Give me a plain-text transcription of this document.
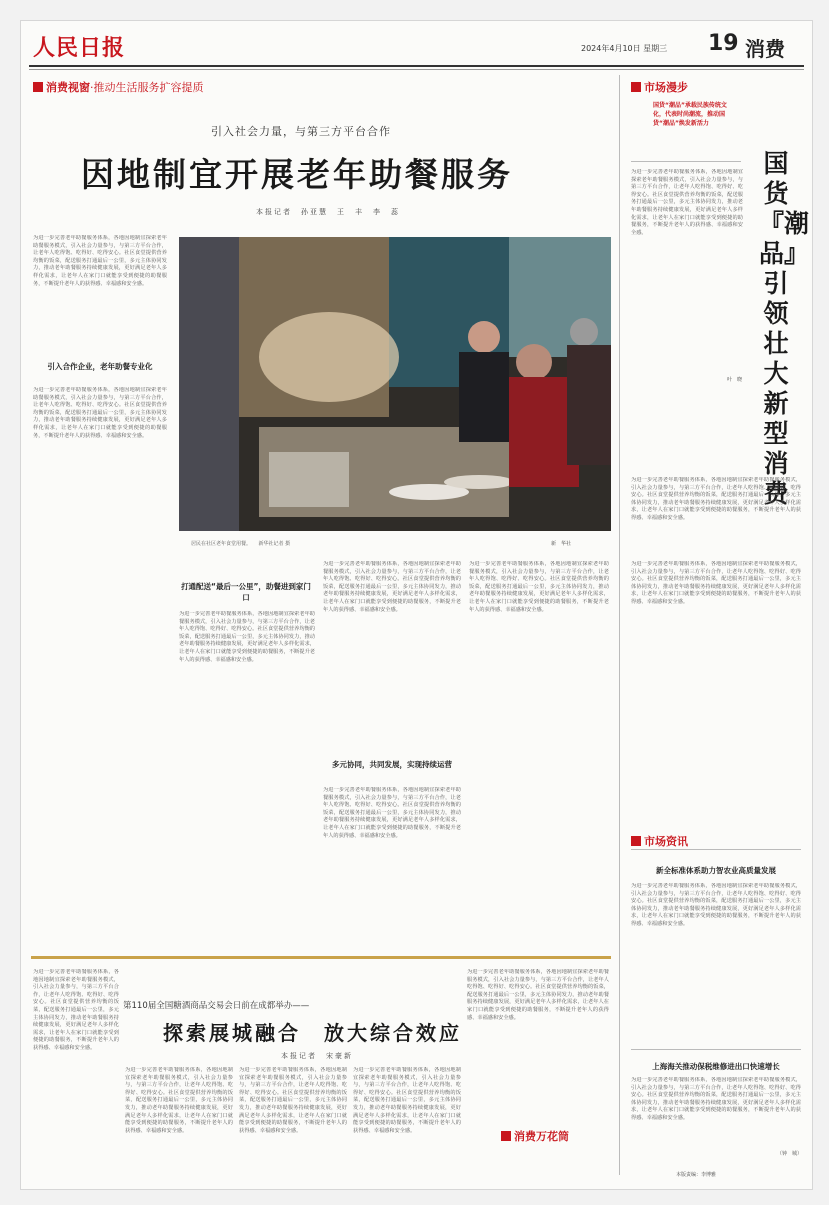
人民日报	2024年4月10日 星期三 19 消费
消费视窗·推动生活服务扩容提质
引入社会力量，与第三方平台合作
因地制宜开展老年助餐服务
本报记者　孙亚慧　王　丰　李　蕊
为进一步完善老年助餐服务体系，各地因地制宜探索老年助餐服务模式，引入社会力量参与，与第三方平台合作，让老年人吃得饱、吃得好、吃得安心。社区食堂提供营养均衡的饭菜，配送服务打通最后一公里，多元主体协同发力，推动老年助餐服务持续健康发展，更好满足老年人多样化需求，让老年人在家门口就能享受到便捷的助餐服务，不断提升老年人的获得感、幸福感和安全感。
引入合作企业，老年助餐专业化
为进一步完善老年助餐服务体系，各地因地制宜探索老年助餐服务模式，引入社会力量参与，与第三方平台合作，让老年人吃得饱、吃得好、吃得安心。社区食堂提供营养均衡的饭菜，配送服务打通最后一公里，多元主体协同发力，推动老年助餐服务持续健康发展，更好满足老年人多样化需求，让老年人在家门口就能享受到便捷的助餐服务，不断提升老年人的获得感、幸福感和安全感。
居民在社区老年食堂用餐。　　新华社记者 摄	新　华社
打通配送“最后一公里”，助餐进到家门口
为进一步完善老年助餐服务体系，各地因地制宜探索老年助餐服务模式，引入社会力量参与，与第三方平台合作，让老年人吃得饱、吃得好、吃得安心。社区食堂提供营养均衡的饭菜，配送服务打通最后一公里，多元主体协同发力，推动老年助餐服务持续健康发展，更好满足老年人多样化需求，让老年人在家门口就能享受到便捷的助餐服务，不断提升老年人的获得感、幸福感和安全感。
为进一步完善老年助餐服务体系，各地因地制宜探索老年助餐服务模式，引入社会力量参与，与第三方平台合作，让老年人吃得饱、吃得好、吃得安心。社区食堂提供营养均衡的饭菜，配送服务打通最后一公里，多元主体协同发力，推动老年助餐服务持续健康发展，更好满足老年人多样化需求，让老年人在家门口就能享受到便捷的助餐服务，不断提升老年人的获得感、幸福感和安全感。
多元协同，共同发展，实现持续运营
为进一步完善老年助餐服务体系，各地因地制宜探索老年助餐服务模式，引入社会力量参与，与第三方平台合作，让老年人吃得饱、吃得好、吃得安心。社区食堂提供营养均衡的饭菜，配送服务打通最后一公里，多元主体协同发力，推动老年助餐服务持续健康发展，更好满足老年人多样化需求，让老年人在家门口就能享受到便捷的助餐服务，不断提升老年人的获得感、幸福感和安全感。
为进一步完善老年助餐服务体系，各地因地制宜探索老年助餐服务模式，引入社会力量参与，与第三方平台合作，让老年人吃得饱、吃得好、吃得安心。社区食堂提供营养均衡的饭菜，配送服务打通最后一公里，多元主体协同发力，推动老年助餐服务持续健康发展，更好满足老年人多样化需求，让老年人在家门口就能享受到便捷的助餐服务，不断提升老年人的获得感、幸福感和安全感。
市场漫步
国货“潮品”承载民族传统文化，代表时尚潮流，推动国货“潮品”焕发新活力
为进一步完善老年助餐服务体系，各地因地制宜探索老年助餐服务模式，引入社会力量参与，与第三方平台合作，让老年人吃得饱、吃得好、吃得安心。社区食堂提供营养均衡的饭菜，配送服务打通最后一公里，多元主体协同发力，推动老年助餐服务持续健康发展，更好满足老年人多样化需求，让老年人在家门口就能享受到便捷的助餐服务，不断提升老年人的获得感、幸福感和安全感。
国货『潮品』引领壮大新型消费
叶　晓
为进一步完善老年助餐服务体系，各地因地制宜探索老年助餐服务模式，引入社会力量参与，与第三方平台合作，让老年人吃得饱、吃得好、吃得安心。社区食堂提供营养均衡的饭菜，配送服务打通最后一公里，多元主体协同发力，推动老年助餐服务持续健康发展，更好满足老年人多样化需求，让老年人在家门口就能享受到便捷的助餐服务，不断提升老年人的获得感、幸福感和安全感。
为进一步完善老年助餐服务体系，各地因地制宜探索老年助餐服务模式，引入社会力量参与，与第三方平台合作，让老年人吃得饱、吃得好、吃得安心。社区食堂提供营养均衡的饭菜，配送服务打通最后一公里，多元主体协同发力，推动老年助餐服务持续健康发展，更好满足老年人多样化需求，让老年人在家门口就能享受到便捷的助餐服务，不断提升老年人的获得感、幸福感和安全感。
市场资讯
新全标准体系助力智农业高质量发展
为进一步完善老年助餐服务体系，各地因地制宜探索老年助餐服务模式，引入社会力量参与，与第三方平台合作，让老年人吃得饱、吃得好、吃得安心。社区食堂提供营养均衡的饭菜，配送服务打通最后一公里，多元主体协同发力，推动老年助餐服务持续健康发展，更好满足老年人多样化需求，让老年人在家门口就能享受到便捷的助餐服务，不断提升老年人的获得感、幸福感和安全感。
上海海关推动保税维修进出口快速增长
为进一步完善老年助餐服务体系，各地因地制宜探索老年助餐服务模式，引入社会力量参与，与第三方平台合作，让老年人吃得饱、吃得好、吃得安心。社区食堂提供营养均衡的饭菜，配送服务打通最后一公里，多元主体协同发力，推动老年助餐服务持续健康发展，更好满足老年人多样化需求，让老年人在家门口就能享受到便捷的助餐服务，不断提升老年人的获得感、幸福感和安全感。
（钟　城）
本版责编：李博雅
为进一步完善老年助餐服务体系，各地因地制宜探索老年助餐服务模式，引入社会力量参与，与第三方平台合作，让老年人吃得饱、吃得好、吃得安心。社区食堂提供营养均衡的饭菜，配送服务打通最后一公里，多元主体协同发力，推动老年助餐服务持续健康发展，更好满足老年人多样化需求，让老年人在家门口就能享受到便捷的助餐服务，不断提升老年人的获得感、幸福感和安全感。
第110届全国糖酒商品交易会日前在成都举办——
探索展城融合　放大综合效应
本报记者　宋豪新
为进一步完善老年助餐服务体系，各地因地制宜探索老年助餐服务模式，引入社会力量参与，与第三方平台合作，让老年人吃得饱、吃得好、吃得安心。社区食堂提供营养均衡的饭菜，配送服务打通最后一公里，多元主体协同发力，推动老年助餐服务持续健康发展，更好满足老年人多样化需求，让老年人在家门口就能享受到便捷的助餐服务，不断提升老年人的获得感、幸福感和安全感。
为进一步完善老年助餐服务体系，各地因地制宜探索老年助餐服务模式，引入社会力量参与，与第三方平台合作，让老年人吃得饱、吃得好、吃得安心。社区食堂提供营养均衡的饭菜，配送服务打通最后一公里，多元主体协同发力，推动老年助餐服务持续健康发展，更好满足老年人多样化需求，让老年人在家门口就能享受到便捷的助餐服务，不断提升老年人的获得感、幸福感和安全感。
为进一步完善老年助餐服务体系，各地因地制宜探索老年助餐服务模式，引入社会力量参与，与第三方平台合作，让老年人吃得饱、吃得好、吃得安心。社区食堂提供营养均衡的饭菜，配送服务打通最后一公里，多元主体协同发力，推动老年助餐服务持续健康发展，更好满足老年人多样化需求，让老年人在家门口就能享受到便捷的助餐服务，不断提升老年人的获得感、幸福感和安全感。
为进一步完善老年助餐服务体系，各地因地制宜探索老年助餐服务模式，引入社会力量参与，与第三方平台合作，让老年人吃得饱、吃得好、吃得安心。社区食堂提供营养均衡的饭菜，配送服务打通最后一公里，多元主体协同发力，推动老年助餐服务持续健康发展，更好满足老年人多样化需求，让老年人在家门口就能享受到便捷的助餐服务，不断提升老年人的获得感、幸福感和安全感。
消费万花筒
